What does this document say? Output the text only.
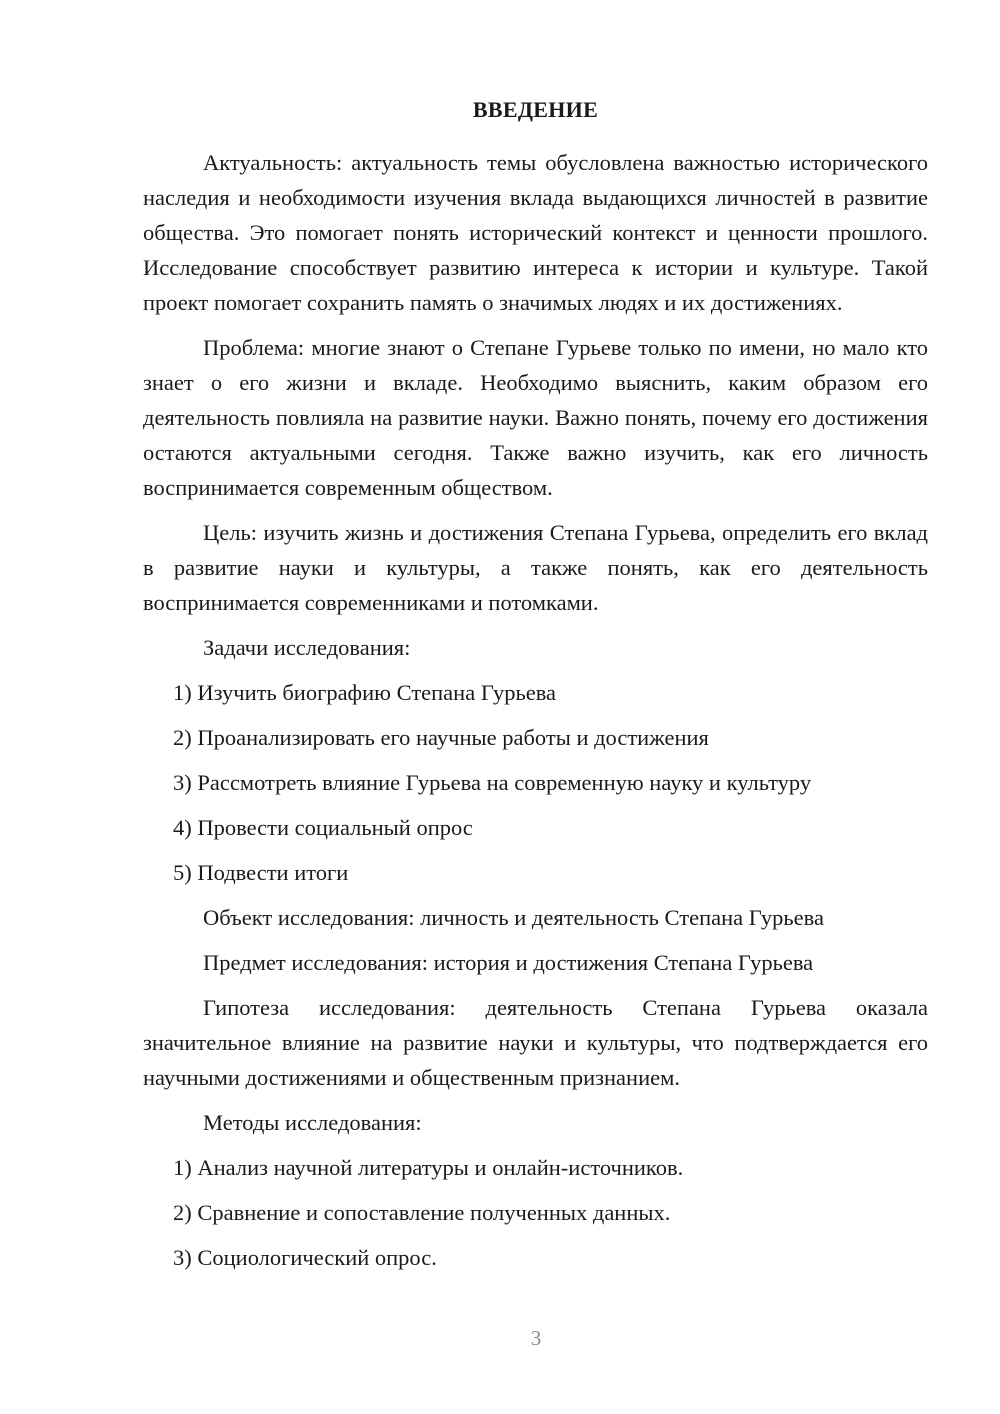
ВВЕДЕНИЕ

Актуальность: актуальность темы обусловлена важностью исторического наследия и необходимости изучения вклада выдающихся личностей в развитие общества. Это помогает понять исторический контекст и ценности прошлого. Исследование способствует развитию интереса к истории и культуре. Такой проект помогает сохранить память о значимых людях и их достижениях.

Проблема: многие знают о Степане Гурьеве только по имени, но мало кто знает о его жизни и вкладе. Необходимо выяснить, каким образом его деятельность повлияла на развитие науки. Важно понять, почему его достижения остаются актуальными сегодня. Также важно изучить, как его личность воспринимается современным обществом.

Цель: изучить жизнь и достижения Степана Гурьева, определить его вклад в развитие науки и культуры, а также понять, как его деятельность воспринимается современниками и потомками.

Задачи исследования:

1) Изучить биографию Степана Гурьева

2) Проанализировать его научные работы и достижения

3) Рассмотреть влияние Гурьева на современную науку и культуру

4) Провести социальный опрос

5) Подвести итоги

Объект исследования: личность и деятельность Степана Гурьева

Предмет исследования: история и достижения Степана Гурьева

Гипотеза исследования: деятельность Степана Гурьева оказала значительное влияние на развитие науки и культуры, что подтверждается его научными достижениями и общественным признанием.

Методы исследования:

1) Анализ научной литературы и онлайн-источников.

2) Сравнение и сопоставление полученных данных.

3) Социологический опрос.

3
